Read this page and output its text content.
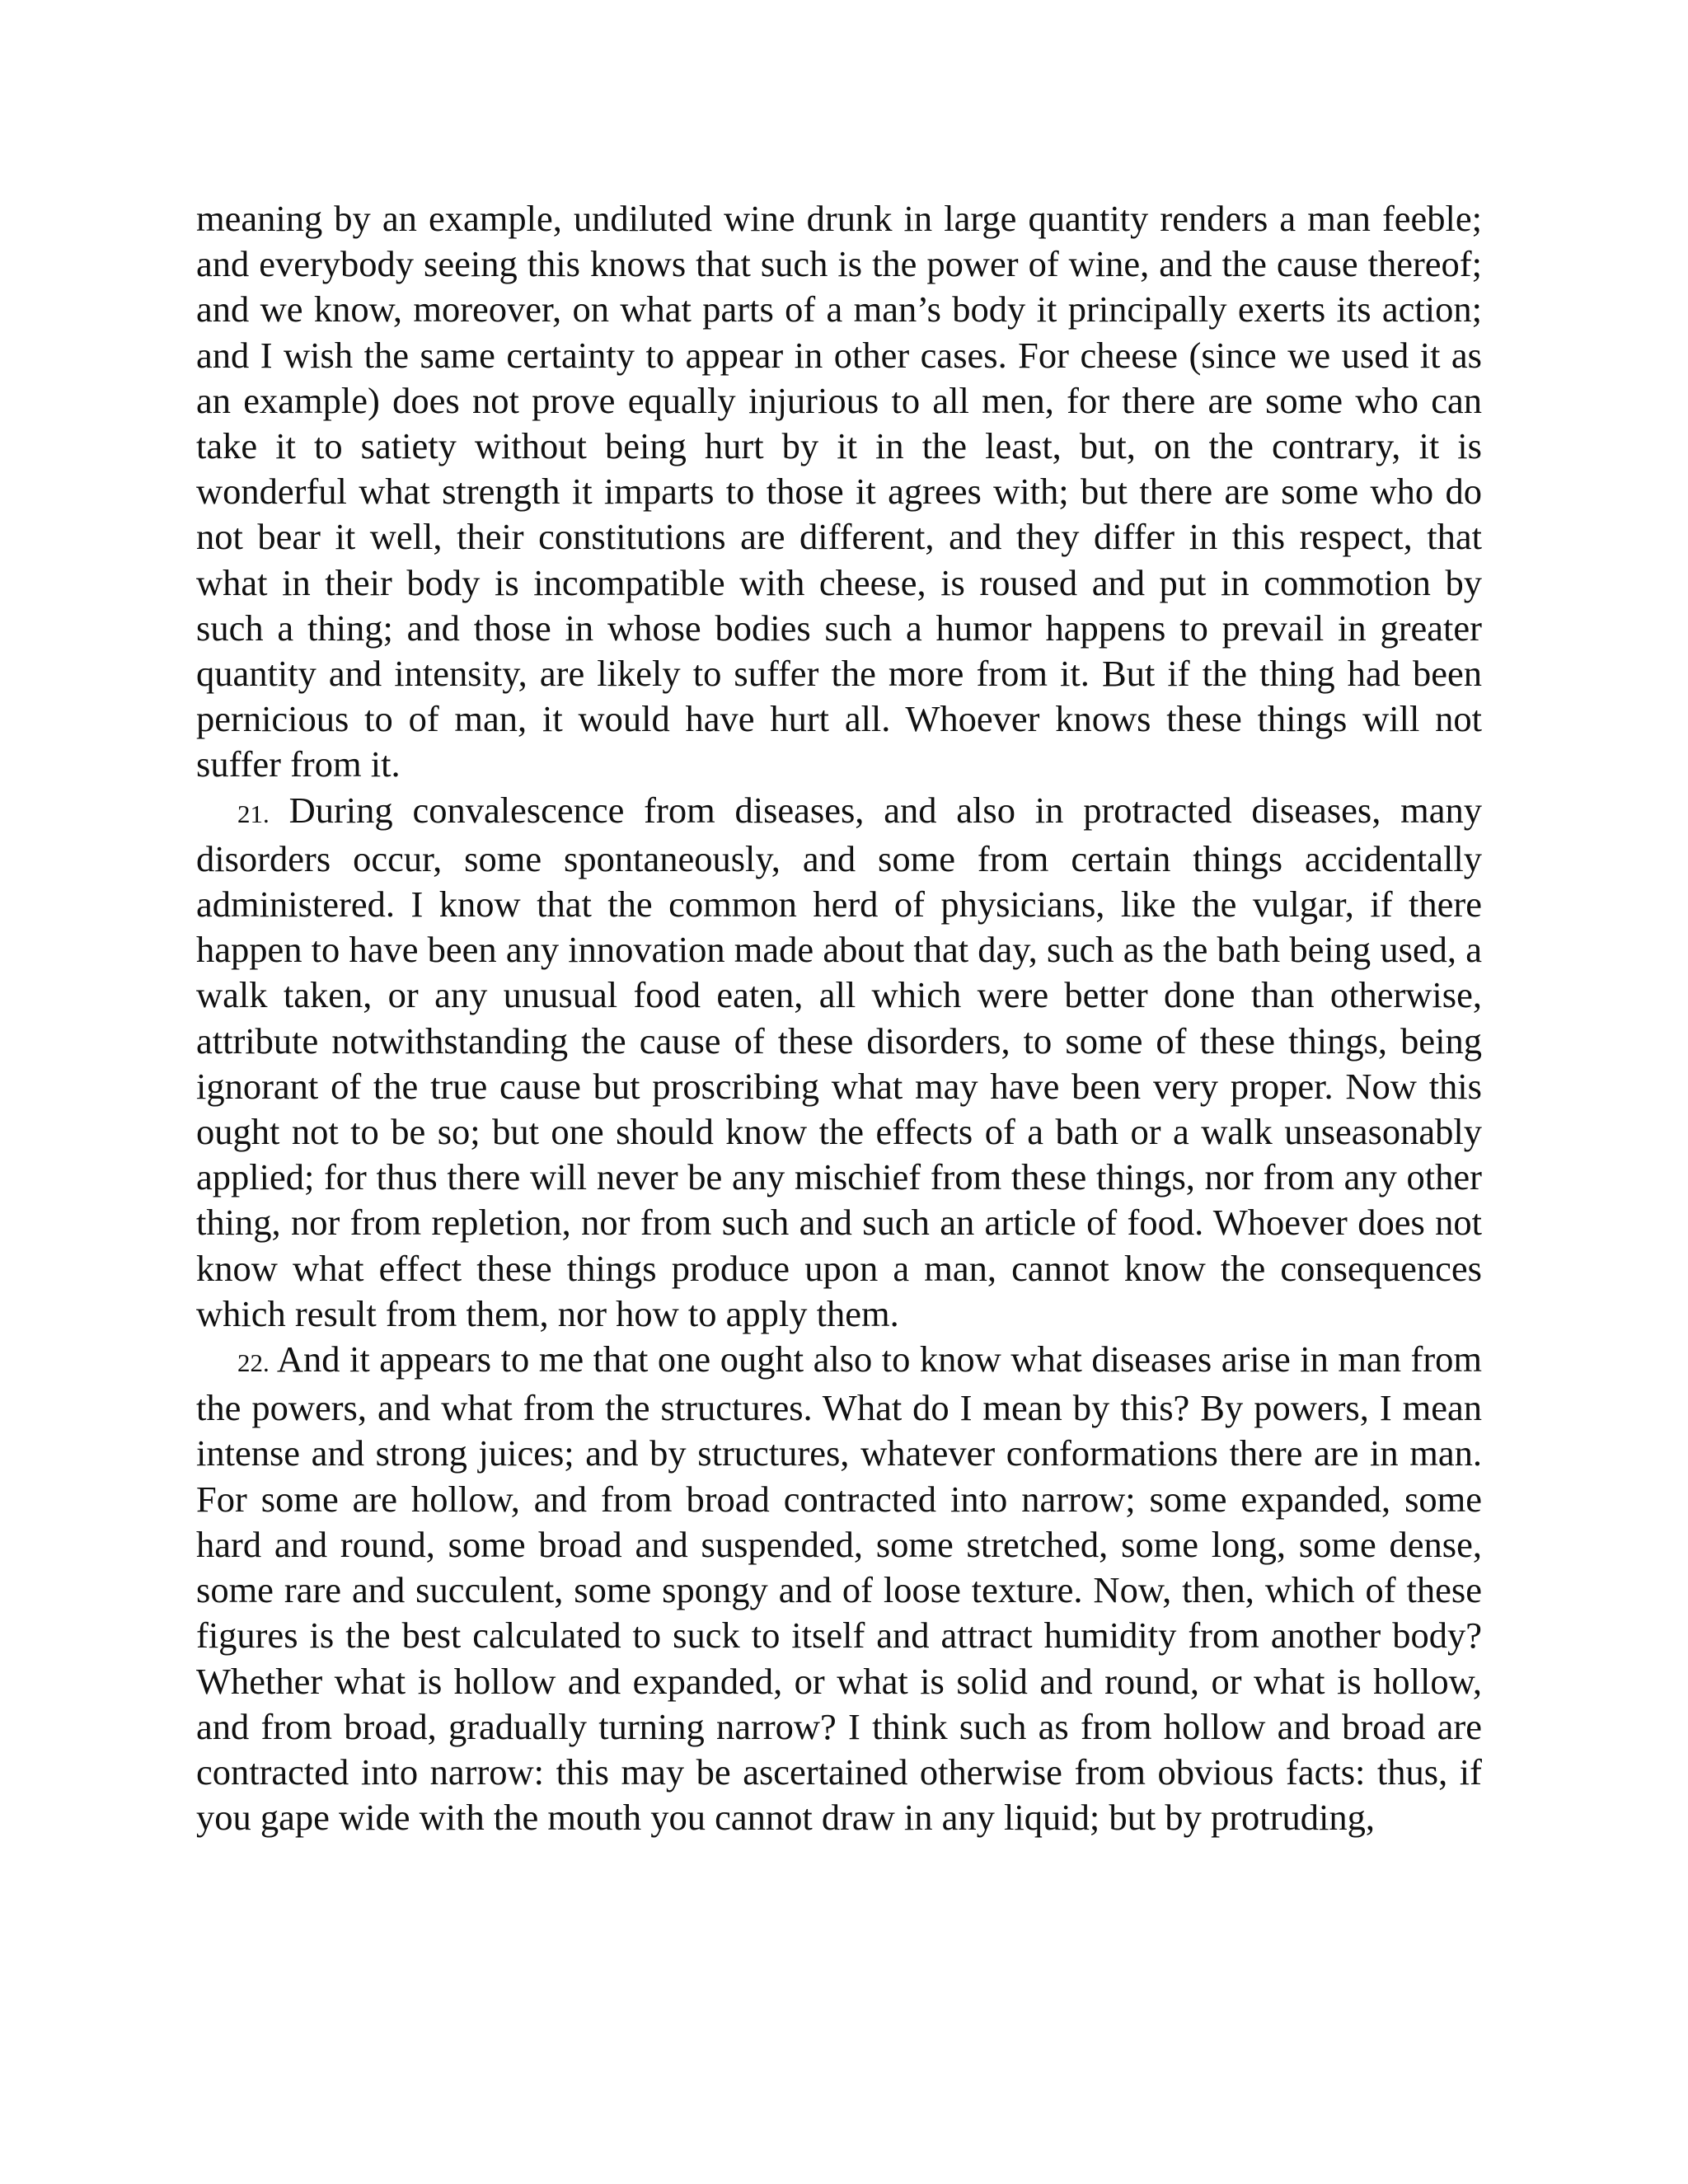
meaning by an example, undiluted wine drunk in large quantity renders a man feeble; and everybody seeing this knows that such is the power of wine, and the cause thereof; and we know, moreover, on what parts of a man’s body it principally exerts its action; and I wish the same certainty to appear in other cases. For cheese (since we used it as an example) does not prove equally injurious to all men, for there are some who can take it to satiety without being hurt by it in the least, but, on the contrary, it is wonderful what strength it imparts to those it agrees with; but there are some who do not bear it well, their constitutions are different, and they differ in this respect, that what in their body is incompatible with cheese, is roused and put in commotion by such a thing; and those in whose bodies such a humor happens to prevail in greater quantity and intensity, are likely to suffer the more from it. But if the thing had been pernicious to of man, it would have hurt all. Whoever knows these things will not suffer from it.

21. During convalescence from diseases, and also in protracted diseases, many disorders occur, some spontaneously, and some from certain things accidentally administered. I know that the common herd of physicians, like the vulgar, if there happen to have been any innovation made about that day, such as the bath being used, a walk taken, or any unusual food eaten, all which were better done than otherwise, attribute notwithstanding the cause of these disorders, to some of these things, being ignorant of the true cause but proscribing what may have been very proper. Now this ought not to be so; but one should know the effects of a bath or a walk unseasonably applied; for thus there will never be any mischief from these things, nor from any other thing, nor from repletion, nor from such and such an article of food. Whoever does not know what effect these things produce upon a man, cannot know the consequences which result from them, nor how to apply them.

22. And it appears to me that one ought also to know what diseases arise in man from the powers, and what from the structures. What do I mean by this? By powers, I mean intense and strong juices; and by structures, whatever conformations there are in man. For some are hollow, and from broad contracted into narrow; some expanded, some hard and round, some broad and suspended, some stretched, some long, some dense, some rare and succulent, some spongy and of loose texture. Now, then, which of these figures is the best calculated to suck to itself and attract humidity from another body? Whether what is hollow and expanded, or what is solid and round, or what is hollow, and from broad, gradually turning narrow? I think such as from hollow and broad are contracted into narrow: this may be ascertained otherwise from obvious facts: thus, if you gape wide with the mouth you cannot draw in any liquid; but by protruding,
